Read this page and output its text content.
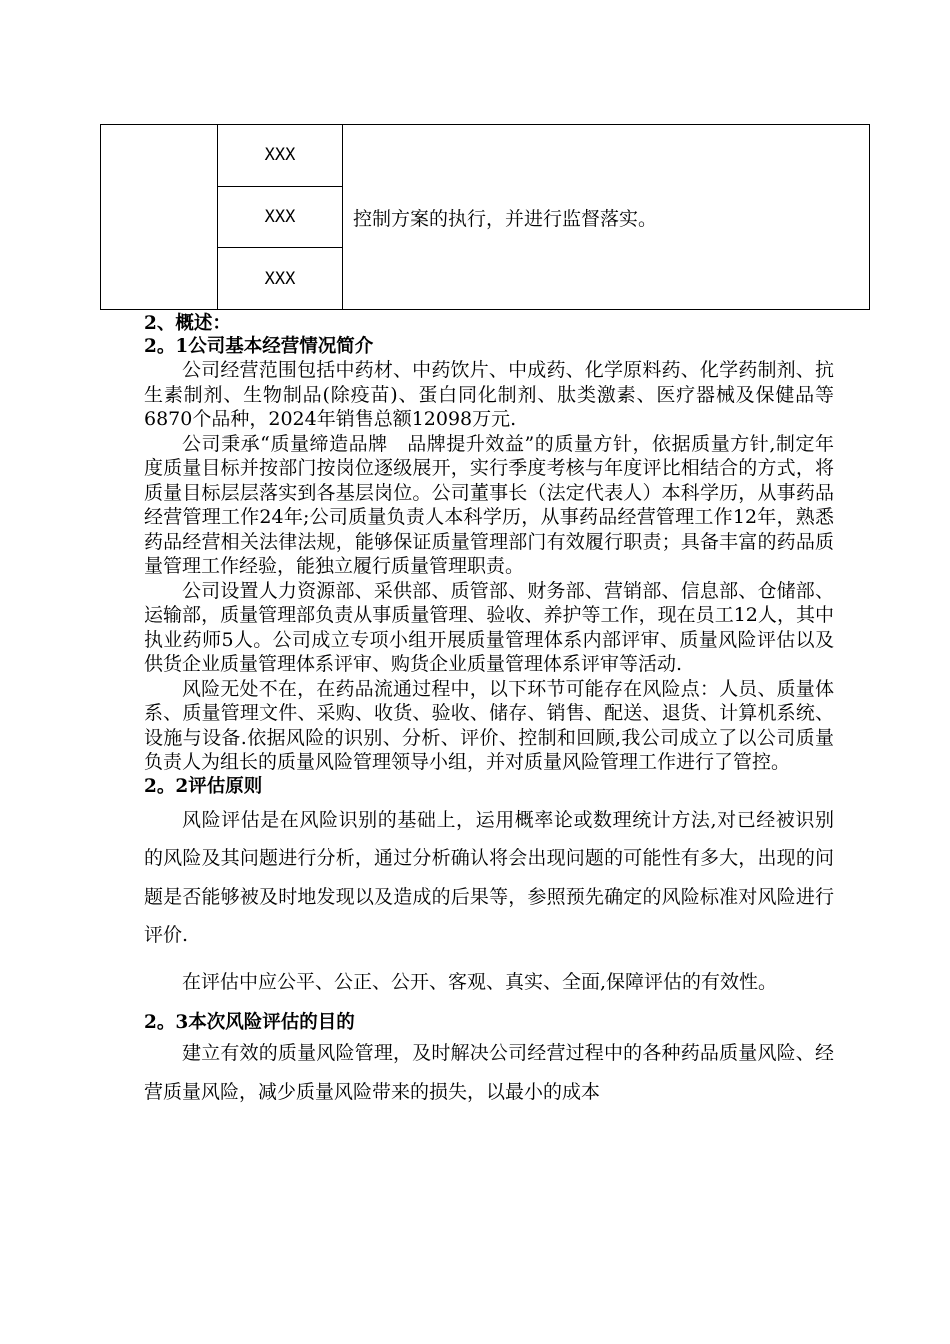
	XXX	控制方案的执行，并进行监督落实。
XXX
XXX

2、概述：

2。1公司基本经营情况简介

公司经营范围包括中药材、中药饮片、中成药、化学原料药、化学药制剂、抗生素制剂、生物制品(除疫苗)、蛋白同化制剂、肽类激素、医疗器械及保健品等6870个品种，2024年销售总额12098万元.

公司秉承“质量缔造品牌　品牌提升效益”的质量方针，依据质量方针,制定年度质量目标并按部门按岗位逐级展开，实行季度考核与年度评比相结合的方式，将质量目标层层落实到各基层岗位。公司董事长（法定代表人）本科学历，从事药品经营管理工作24年;公司质量负责人本科学历，从事药品经营管理工作12年，熟悉药品经营相关法律法规，能够保证质量管理部门有效履行职责；具备丰富的药品质量管理工作经验，能独立履行质量管理职责。

公司设置人力资源部、采供部、质管部、财务部、营销部、信息部、仓储部、运输部，质量管理部负责从事质量管理、验收、养护等工作，现在员工12人，其中执业药师5人。公司成立专项小组开展质量管理体系内部评审、质量风险评估以及供货企业质量管理体系评审、购货企业质量管理体系评审等活动.

风险无处不在，在药品流通过程中，以下环节可能存在风险点：人员、质量体系、质量管理文件、采购、收货、验收、储存、销售、配送、退货、计算机系统、设施与设备.依据风险的识别、分析、评价、控制和回顾,我公司成立了以公司质量负责人为组长的质量风险管理领导小组，并对质量风险管理工作进行了管控。

2。2评估原则

风险评估是在风险识别的基础上，运用概率论或数理统计方法,对已经被识别的风险及其问题进行分析，通过分析确认将会出现问题的可能性有多大，出现的问题是否能够被及时地发现以及造成的后果等，参照预先确定的风险标准对风险进行评价.

在评估中应公平、公正、公开、客观、真实、全面,保障评估的有效性。

2。3本次风险评估的目的

建立有效的质量风险管理，及时解决公司经营过程中的各种药品质量风险、经营质量风险，减少质量风险带来的损失，以最小的成本
